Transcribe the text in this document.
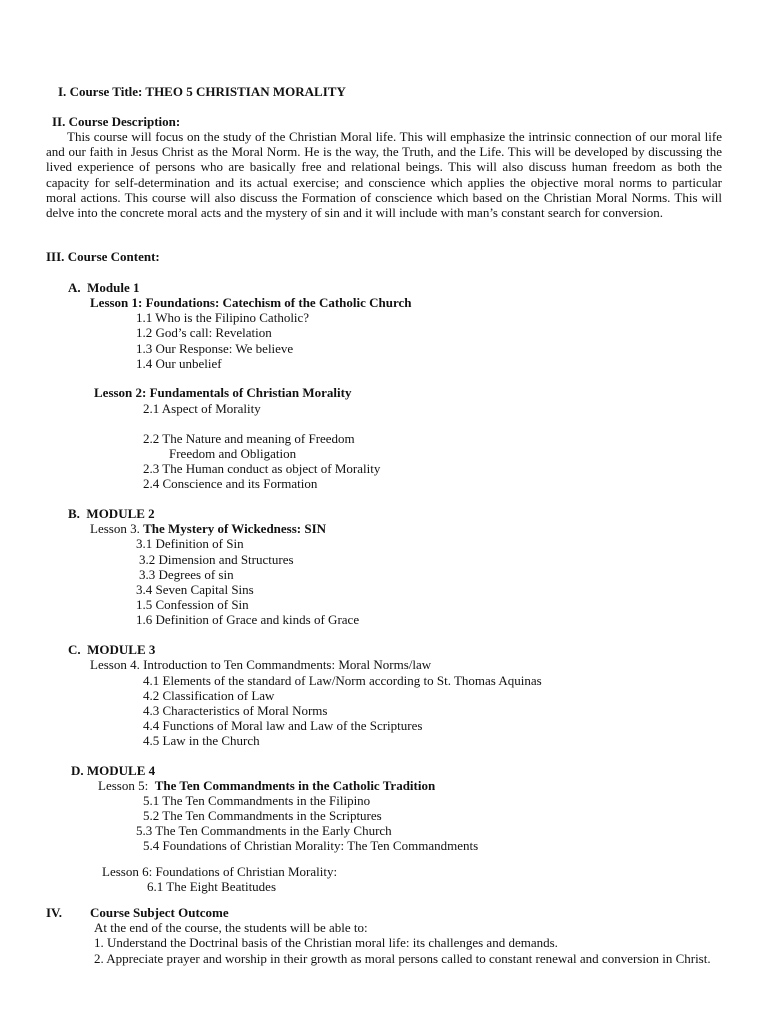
I. Course Title: THEO 5 CHRISTIAN MORALITY
II. Course Description:
This course will focus on the study of the Christian Moral life. This will emphasize the intrinsic connection of our moral life and our faith in Jesus Christ as the Moral Norm. He is the way, the Truth, and the Life. This will be developed by discussing the lived experience of persons who are basically free and relational beings. This will also discuss human freedom as both the capacity for self-determination and its actual exercise; and conscience which applies the objective moral norms to particular moral actions. This course will also discuss the Formation of conscience which based on the Christian Moral Norms. This will delve into the concrete moral acts and the mystery of sin and it will include with man’s constant search for conversion.
III. Course Content:
A. Module 1
Lesson 1: Foundations: Catechism of the Catholic Church
1.1 Who is the Filipino Catholic?
1.2 God’s call: Revelation
1.3 Our Response: We believe
1.4 Our unbelief
Lesson 2: Fundamentals of Christian Morality
2.1 Aspect of Morality
2.2 The Nature and meaning of Freedom
Freedom and Obligation
2.3 The Human conduct as object of Morality
2.4 Conscience and its Formation
B. MODULE 2
Lesson 3. The Mystery of Wickedness: SIN
3.1 Definition of Sin
3.2 Dimension and Structures
3.3 Degrees of sin
3.4 Seven Capital Sins
1.5 Confession of Sin
1.6 Definition of Grace and kinds of Grace
C. MODULE 3
Lesson 4. Introduction to Ten Commandments: Moral Norms/law
4.1 Elements of the standard of Law/Norm according to St. Thomas Aquinas
4.2 Classification of Law
4.3 Characteristics of Moral Norms
4.4 Functions of Moral law and Law of the Scriptures
4.5 Law in the Church
D. MODULE 4
Lesson 5: The Ten Commandments in the Catholic Tradition
5.1 The Ten Commandments in the Filipino
5.2 The Ten Commandments in the Scriptures
5.3 The Ten Commandments in the Early Church
5.4 Foundations of Christian Morality: The Ten Commandments
Lesson 6: Foundations of Christian Morality:
6.1 The Eight Beatitudes
IV. Course Subject Outcome
At the end of the course, the students will be able to:
1. Understand the Doctrinal basis of the Christian moral life: its challenges and demands.
2. Appreciate prayer and worship in their growth as moral persons called to constant renewal and conversion in Christ.
